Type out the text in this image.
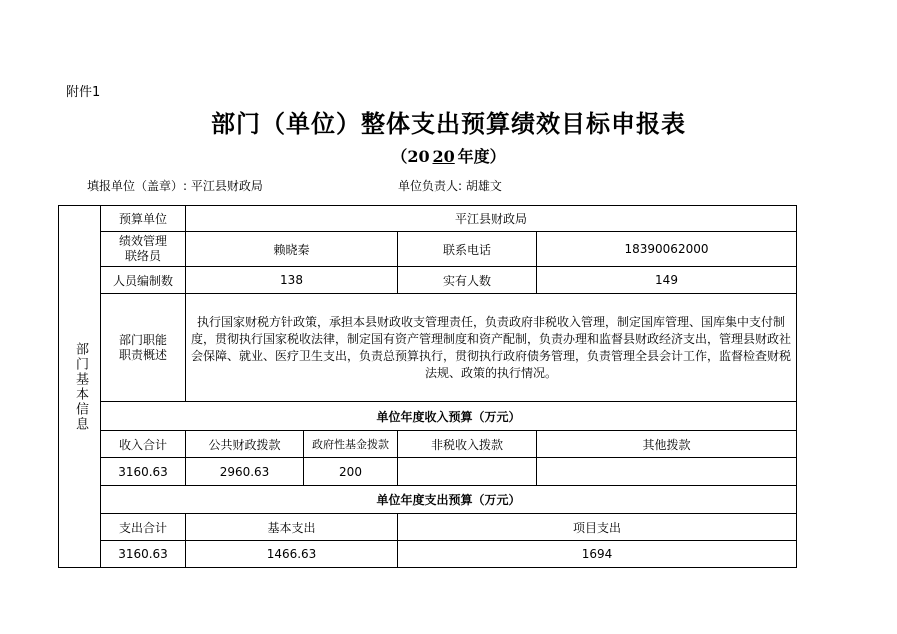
附件1
部门（单位）整体支出预算绩效目标申报表
（20 20 年度）
填报单位（盖章）: 平江县财政局	单位负责人: 胡雄文
部门基本信息	预算单位	平江县财政局			

	绩效管理
联络员	赖晓秦		联系电话	18390062000
	人员编制数	138		实有人数	149

	部门职能
职责概述	执行国家财税方针政策，承担本县财政收支管理责任，负责政府非税收入管理，制定国库管理、国库集中支付制度，贯彻执行国家税收法律，制定国有资产管理制度和资产配制，负责办理和监督县财政经济支出，管理县财政社会保障、就业、医疗卫生支出，负责总预算执行，贯彻执行政府债务管理，负责管理全县会计工作，监督检查财税法规、政策的执行情况。			
	单位年度收入预算（万元）				
	收入合计	公共财政拨款	政府性基金拨款	非税收入拨款	其他拨款
	3160.63	2960.63	200		
	单位年度支出预算（万元）				
	支出合计	基本支出		项目支出	
	3160.63	1466.63		1694	
